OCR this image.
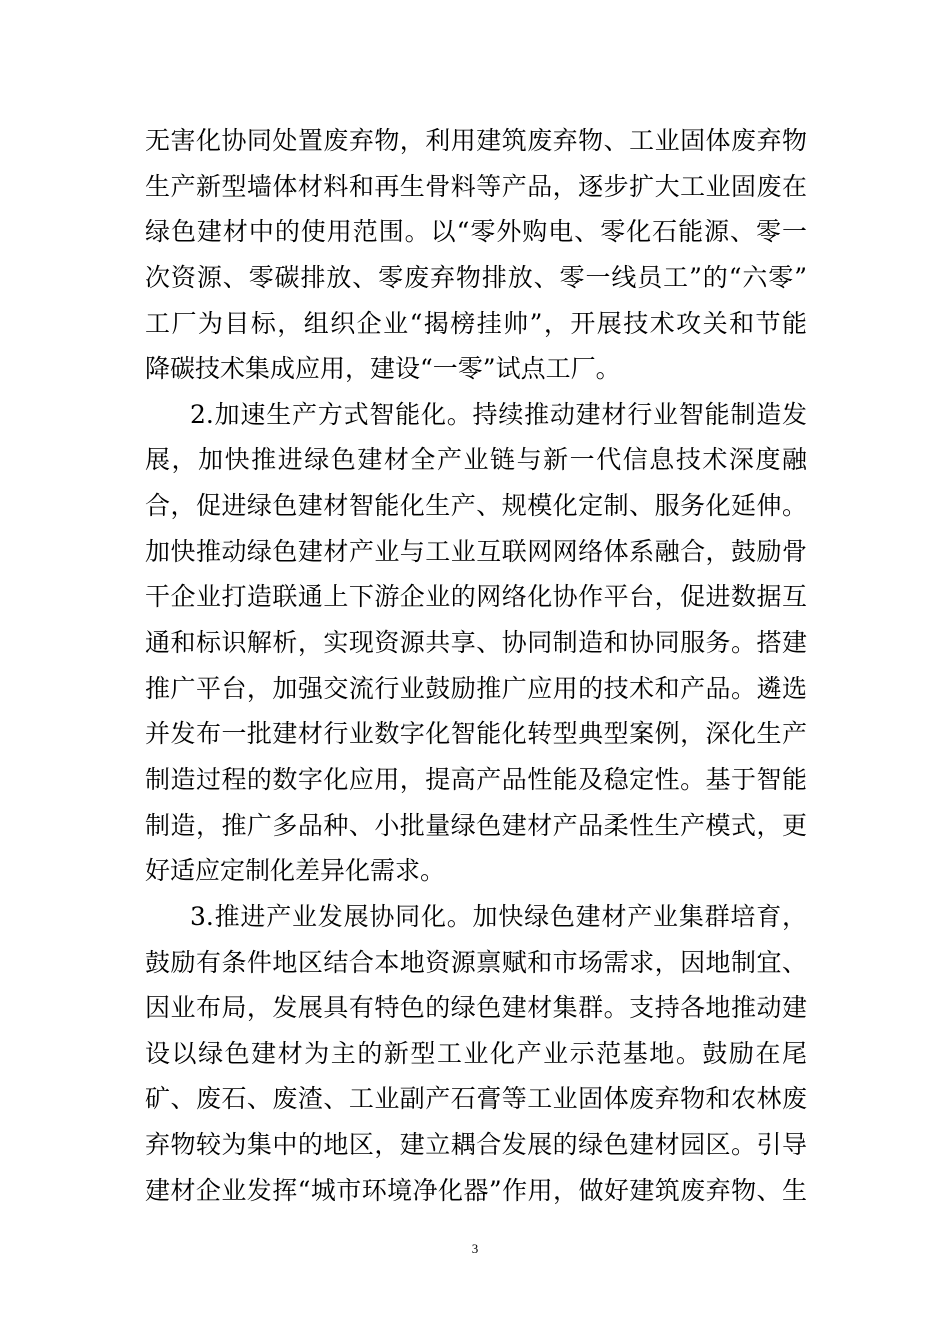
无害化协同处置废弃物，利用建筑废弃物、工业固体废弃物
生产新型墙体材料和再生骨料等产品，逐步扩大工业固废在
绿色建材中的使用范围。以“零外购电、零化石能源、零一
次资源、零碳排放、零废弃物排放、零一线员工”的“六零”
工厂为目标，组织企业“揭榜挂帅”，开展技术攻关和节能
降碳技术集成应用，建设“一零”试点工厂。
2.加速生产方式智能化。持续推动建材行业智能制造发
展，加快推进绿色建材全产业链与新一代信息技术深度融
合，促进绿色建材智能化生产、规模化定制、服务化延伸。
加快推动绿色建材产业与工业互联网网络体系融合，鼓励骨
干企业打造联通上下游企业的网络化协作平台，促进数据互
通和标识解析，实现资源共享、协同制造和协同服务。搭建
推广平台，加强交流行业鼓励推广应用的技术和产品。遴选
并发布一批建材行业数字化智能化转型典型案例，深化生产
制造过程的数字化应用，提高产品性能及稳定性。基于智能
制造，推广多品种、小批量绿色建材产品柔性生产模式，更
好适应定制化差异化需求。
3.推进产业发展协同化。加快绿色建材产业集群培育，
鼓励有条件地区结合本地资源禀赋和市场需求，因地制宜、
因业布局，发展具有特色的绿色建材集群。支持各地推动建
设以绿色建材为主的新型工业化产业示范基地。鼓励在尾
矿、废石、废渣、工业副产石膏等工业固体废弃物和农林废
弃物较为集中的地区，建立耦合发展的绿色建材园区。引导
建材企业发挥“城市环境净化器”作用，做好建筑废弃物、生
3
